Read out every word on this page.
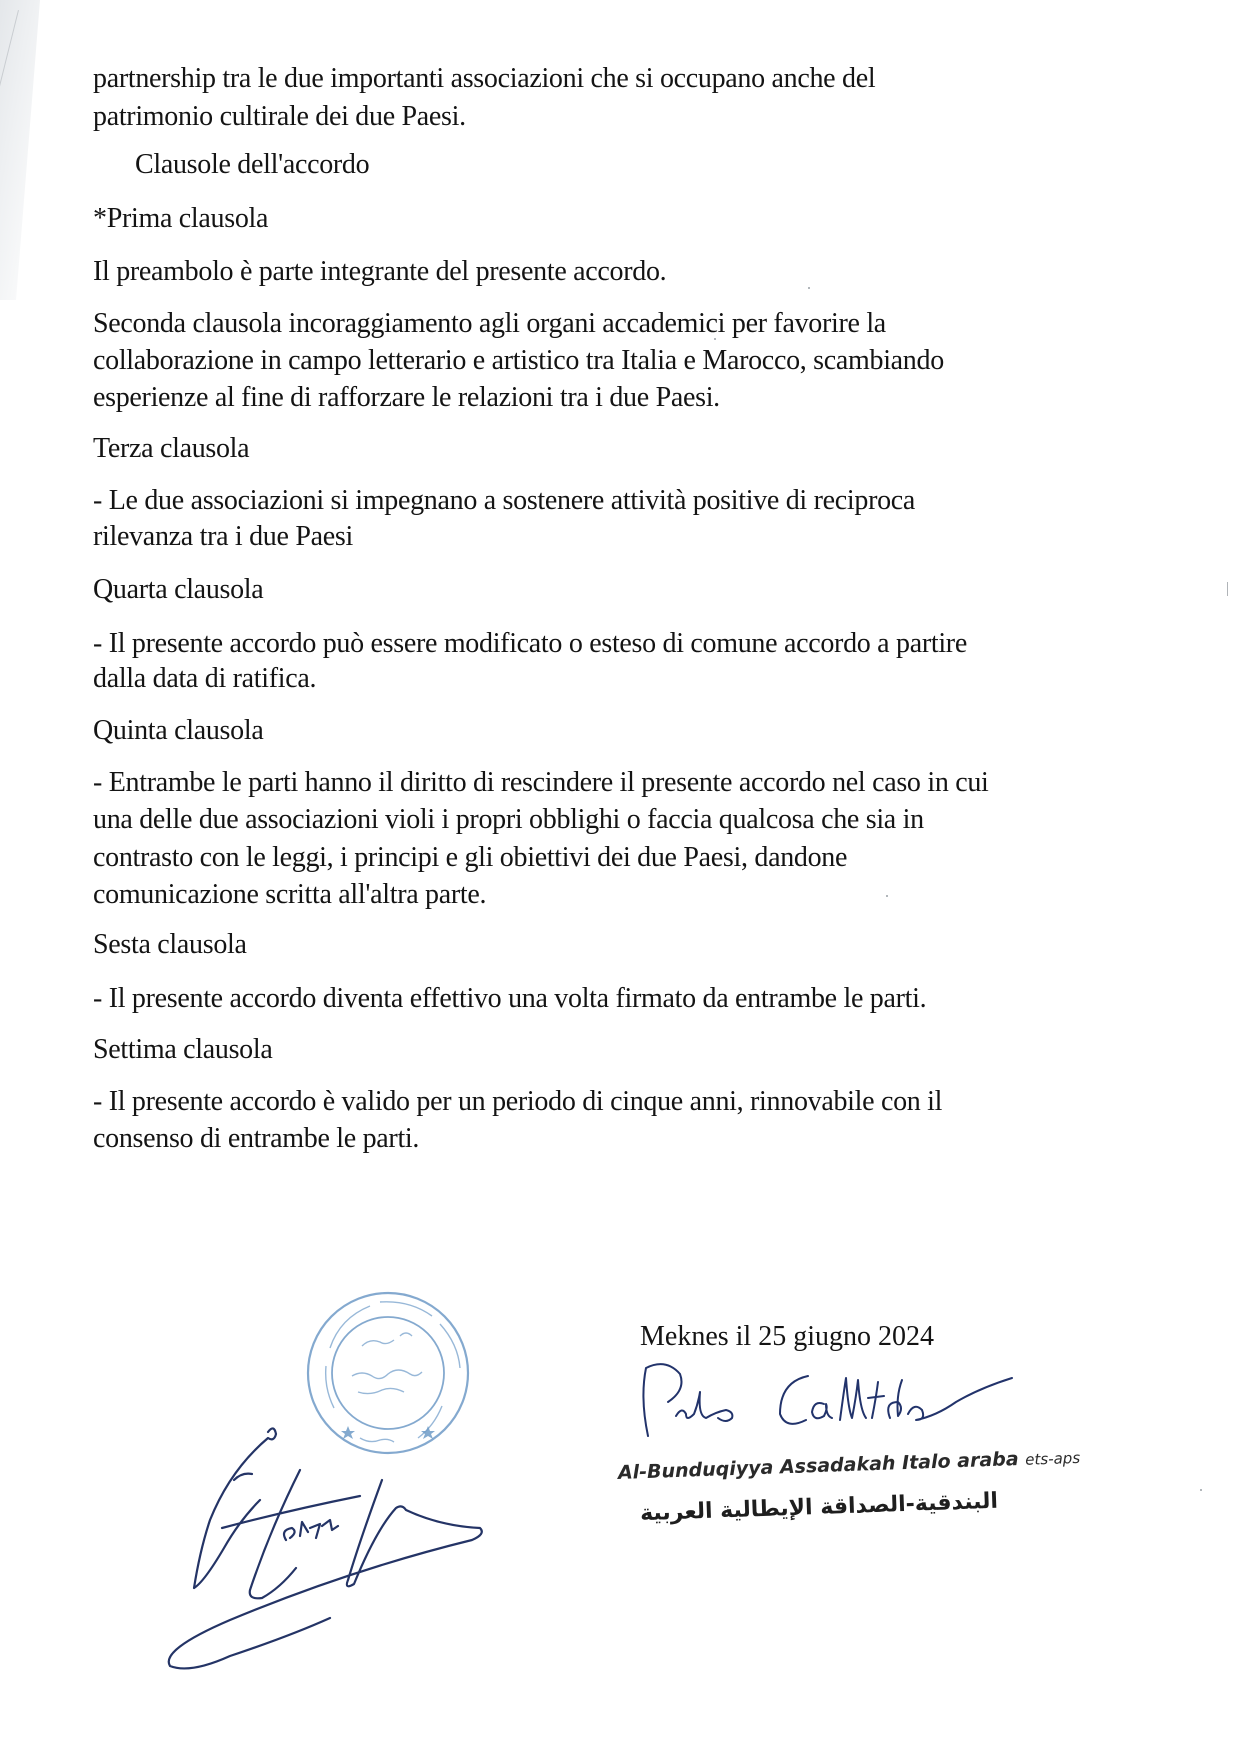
partnership tra le due importanti associazioni che si occupano anche del
patrimonio cultirale dei due Paesi.
Clausole dell'accordo
*Prima clausola
Il preambolo è parte integrante del presente accordo.
Seconda clausola incoraggiamento agli organi accademici per favorire la
collaborazione in campo letterario e artistico tra Italia e Marocco, scambiando
esperienze al fine di rafforzare le relazioni tra i due Paesi.
Terza clausola
- Le due associazioni si impegnano a sostenere attività positive di reciproca
rilevanza tra i due Paesi
Quarta clausola
- Il presente accordo può essere modificato o esteso di comune accordo a partire
dalla data di ratifica.
Quinta clausola
- Entrambe le parti hanno il diritto di rescindere il presente accordo nel caso in cui
una delle due associazioni violi i propri obblighi o faccia qualcosa che sia in
contrasto con le leggi, i principi e gli obiettivi dei due Paesi, dandone
comunicazione scritta all'altra parte.
Sesta clausola
- Il presente accordo diventa effettivo una volta firmato da entrambe le parti.
Settima clausola
- Il presente accordo è valido per un periodo di cinque anni, rinnovabile con il
consenso di entrambe le parti.
Meknes il 25 giugno 2024
Al-Bunduqiyya Assadakah Italo araba ets-aps
البندقية-الصداقة الإيطالية العربية
